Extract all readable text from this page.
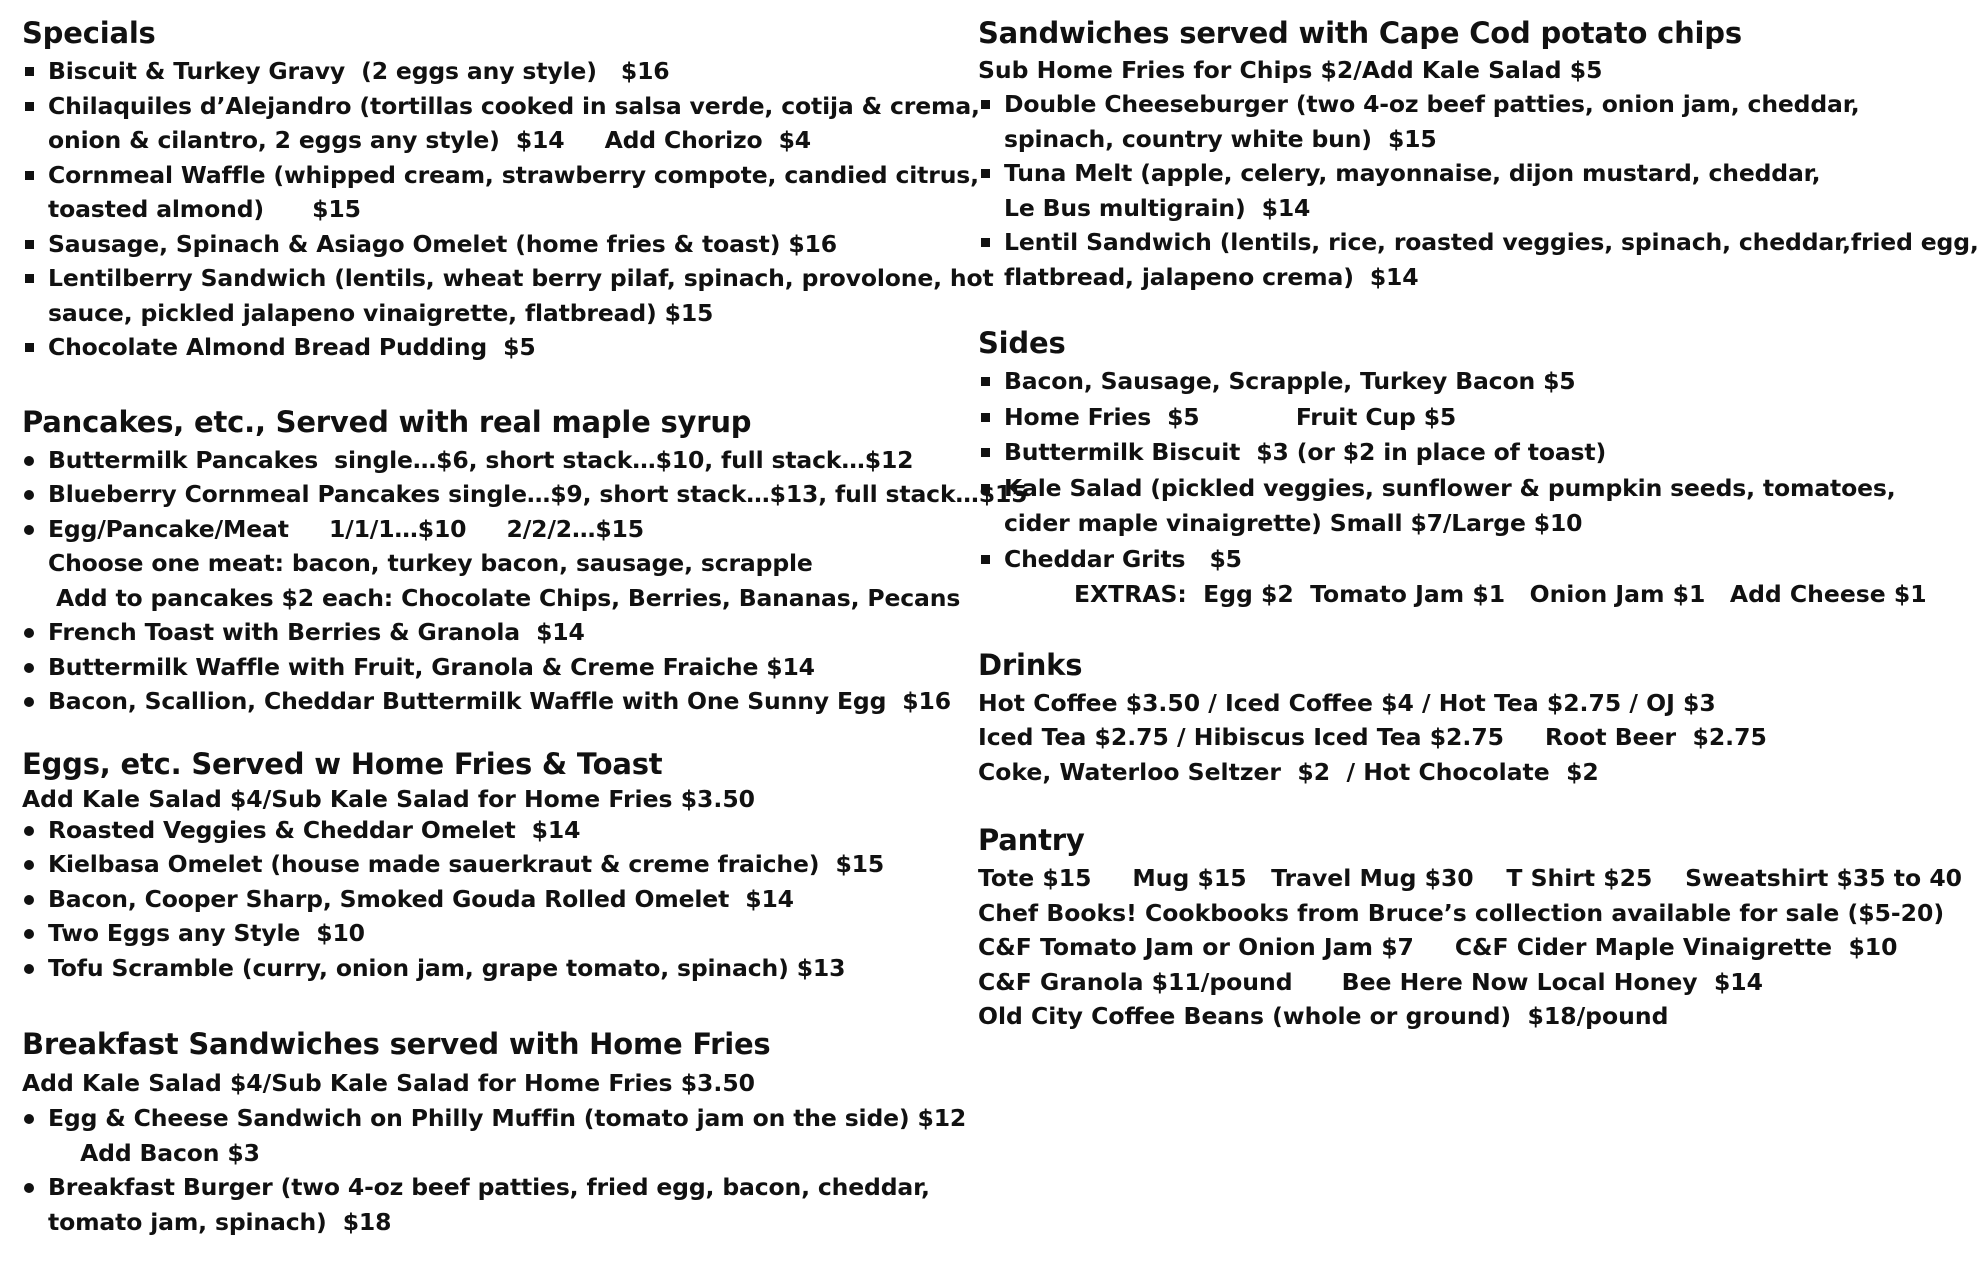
Specials
Biscuit & Turkey Gravy  (2 eggs any style)   $16
Chilaquiles d’Alejandro (tortillas cooked in salsa verde, cotija & crema,
onion & cilantro, 2 eggs any style)  $14     Add Chorizo  $4
Cornmeal Waffle (whipped cream, strawberry compote, candied citrus,
toasted almond)      $15
Sausage, Spinach & Asiago Omelet (home fries & toast) $16
Lentilberry Sandwich (lentils, wheat berry pilaf, spinach, provolone, hot
sauce, pickled jalapeno vinaigrette, flatbread) $15
Chocolate Almond Bread Pudding  $5
Pancakes, etc., Served with real maple syrup
Buttermilk Pancakes  single…$6, short stack…$10, full stack…$12
Blueberry Cornmeal Pancakes single…$9, short stack…$13, full stack…$15
Egg/Pancake/Meat     1/1/1…$10     2/2/2…$15
Choose one meat: bacon, turkey bacon, sausage, scrapple
Add to pancakes $2 each: Chocolate Chips, Berries, Bananas, Pecans
French Toast with Berries & Granola  $14
Buttermilk Waffle with Fruit, Granola & Creme Fraiche $14
Bacon, Scallion, Cheddar Buttermilk Waffle with One Sunny Egg  $16
Eggs, etc. Served w Home Fries & Toast
Add Kale Salad $4/Sub Kale Salad for Home Fries $3.50
Roasted Veggies & Cheddar Omelet  $14
Kielbasa Omelet (house made sauerkraut & creme fraiche)  $15
Bacon, Cooper Sharp, Smoked Gouda Rolled Omelet  $14
Two Eggs any Style  $10
Tofu Scramble (curry, onion jam, grape tomato, spinach) $13
Breakfast Sandwiches served with Home Fries
Add Kale Salad $4/Sub Kale Salad for Home Fries $3.50
Egg & Cheese Sandwich on Philly Muffin (tomato jam on the side) $12
Add Bacon $3
Breakfast Burger (two 4-oz beef patties, fried egg, bacon, cheddar,
tomato jam, spinach)  $18
Sandwiches served with Cape Cod potato chips
Sub Home Fries for Chips $2/Add Kale Salad $5
Double Cheeseburger (two 4-oz beef patties, onion jam, cheddar,
spinach, country white bun)  $15
Tuna Melt (apple, celery, mayonnaise, dijon mustard, cheddar,
Le Bus multigrain)  $14
Lentil Sandwich (lentils, rice, roasted veggies, spinach, cheddar,fried egg,
flatbread, jalapeno crema)  $14
Sides
Bacon, Sausage, Scrapple, Turkey Bacon $5
Home Fries  $5            Fruit Cup $5
Buttermilk Biscuit  $3 (or $2 in place of toast)
Kale Salad (pickled veggies, sunflower & pumpkin seeds, tomatoes,
cider maple vinaigrette) Small $7/Large $10
Cheddar Grits   $5
EXTRAS:  Egg $2  Tomato Jam $1   Onion Jam $1   Add Cheese $1
Drinks
Hot Coffee $3.50 / Iced Coffee $4 / Hot Tea $2.75 / OJ $3
Iced Tea $2.75 / Hibiscus Iced Tea $2.75     Root Beer  $2.75
Coke, Waterloo Seltzer  $2  / Hot Chocolate  $2
Pantry
Tote $15     Mug $15   Travel Mug $30    T Shirt $25    Sweatshirt $35 to 40
Chef Books! Cookbooks from Bruce’s collection available for sale ($5-20)
C&F Tomato Jam or Onion Jam $7     C&F Cider Maple Vinaigrette  $10
C&F Granola $11/pound      Bee Here Now Local Honey  $14
Old City Coffee Beans (whole or ground)  $18/pound
